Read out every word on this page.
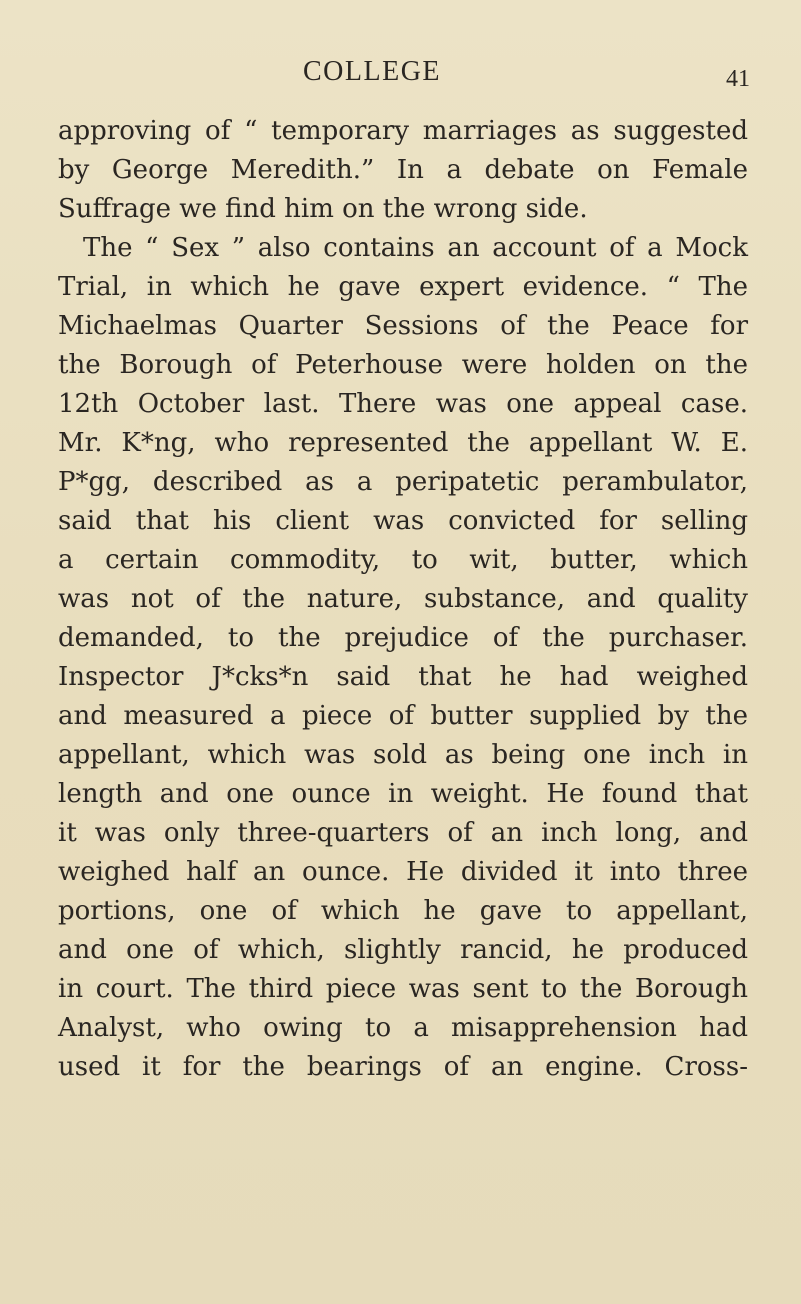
COLLEGE	41
approving of “ temporary marriages as suggested
by George Meredith.” In a debate on Female
Suffrage we find him on the wrong side.
The “ Sex ” also contains an account of a Mock
Trial, in which he gave expert evidence. “ The
Michaelmas Quarter Sessions of the Peace for
the Borough of Peterhouse were holden on the
12th October last. There was one appeal case.
Mr. K*ng, who represented the appellant W. E.
P*gg, described as a peripatetic perambulator,
said that his client was convicted for selling
a certain commodity, to wit, butter, which
was not of the nature, substance, and quality
demanded, to the prejudice of the purchaser.
Inspector J*cks*n said that he had weighed
and measured a piece of butter supplied by the
appellant, which was sold as being one inch in
length and one ounce in weight. He found that
it was only three-quarters of an inch long, and
weighed half an ounce. He divided it into three
portions, one of which he gave to appellant,
and one of which, slightly rancid, he produced
in court. The third piece was sent to the Borough
Analyst, who owing to a misapprehension had
used it for the bearings of an engine. Cross-
